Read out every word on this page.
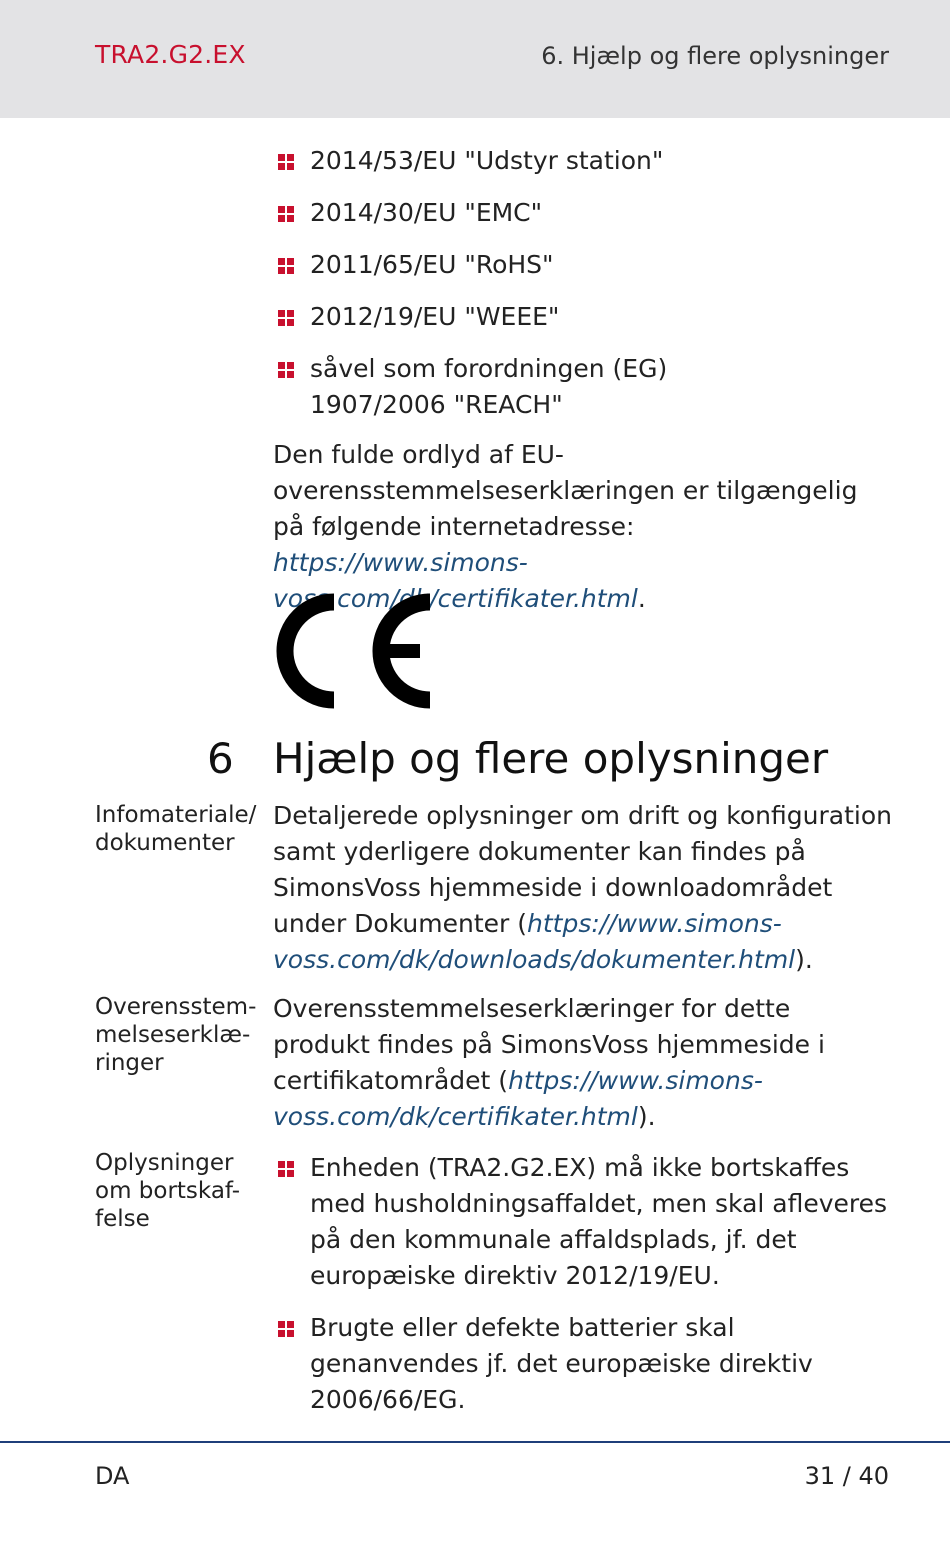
TRA2.G2.EX	6. Hjælp og flere oplysninger
2014/53/EU "Udstyr station"
2014/30/EU "EMC"
2011/65/EU "RoHS"
2012/19/EU "WEEE"
såvel som forordningen (EG) 1907/2006 "REACH"

Den fulde ordlyd af EU-overensstemmelseserklæringen er tilgængelig på følgende internetadresse: https://www.simons-voss.com/dk/certifikater.html.

6 Hjælp og flere oplysninger
Infomateriale/ dokumenter

Detaljerede oplysninger om drift og konfiguration samt yderligere dokumenter kan findes på SimonsVoss hjemmeside i downloadområdet under Dokumenter (https://www.simons-voss.com/dk/downloads/dokumenter.html).

Overensstem-melseserklæ-ringer

Overensstemmelseserklæringer for dette produkt findes på SimonsVoss hjemmeside i certifikatområdet (https://www.simons-voss.com/dk/certifikater.html).

Oplysninger om bortskaf-felse
Enheden (TRA2.G2.EX) må ikke bortskaffes med husholdningsaffaldet, men skal afleveres på den kommunale affaldsplads, jf. det europæiske direktiv 2012/19/EU.
Brugte eller defekte batterier skal genanvendes jf. det europæiske direktiv 2006/66/EG.
DA	31 / 40
